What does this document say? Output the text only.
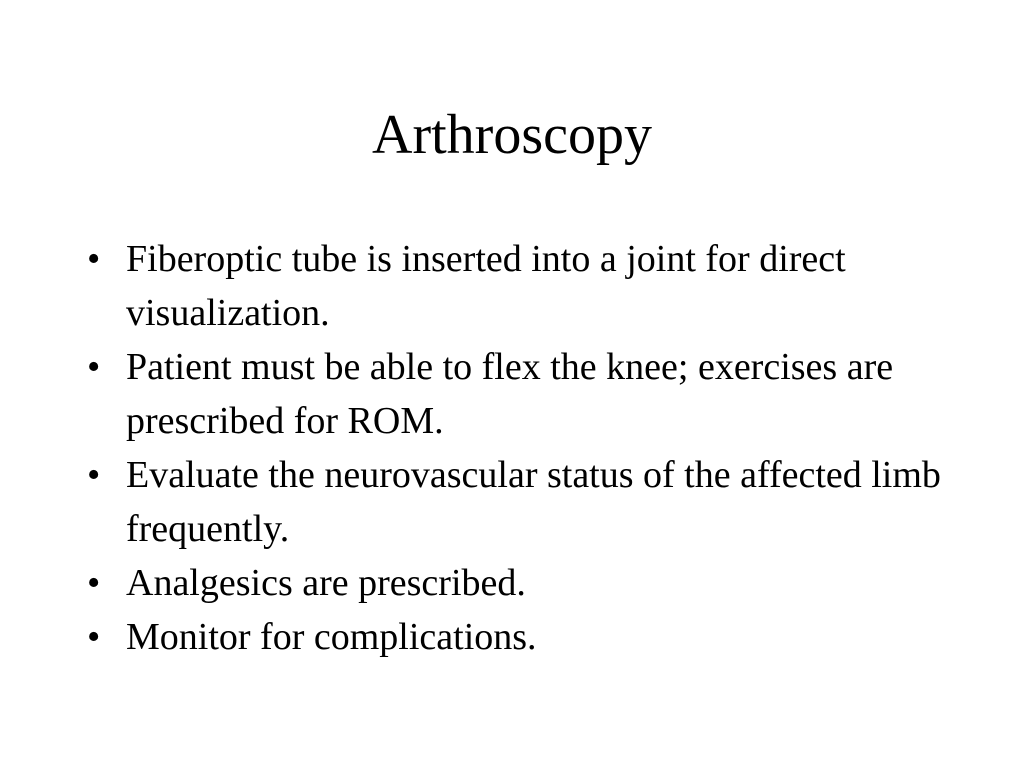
Arthroscopy
• Fiberoptic tube is inserted into a joint for direct visualization.
• Patient must be able to flex the knee; exercises are prescribed for ROM.
• Evaluate the neurovascular status of the affected limb frequently.
• Analgesics are prescribed.
• Monitor for complications.
